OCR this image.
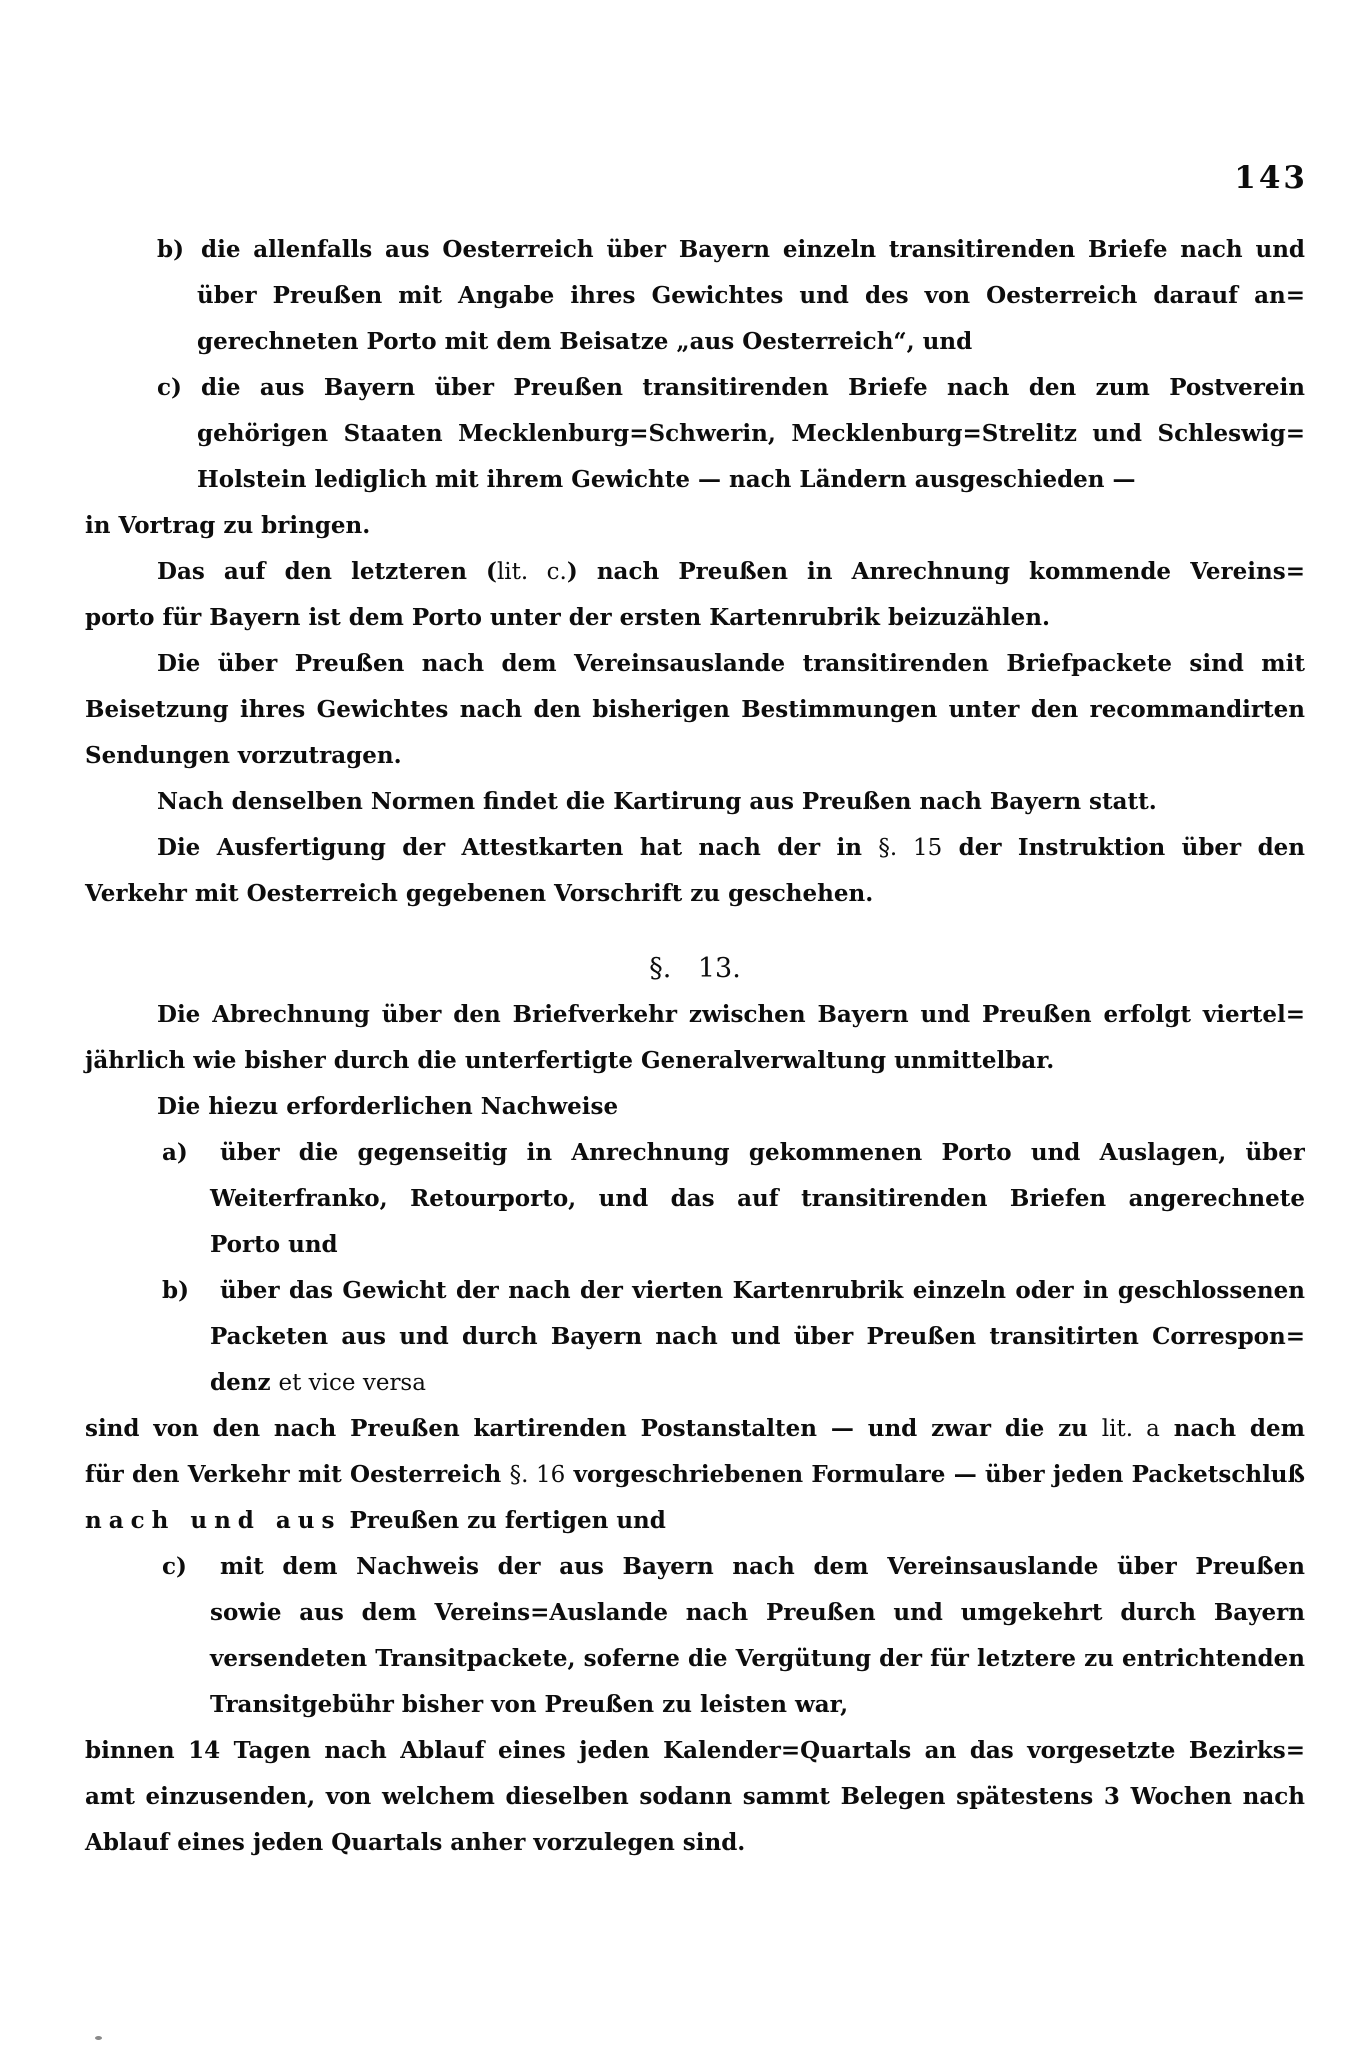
143
b) die allenfalls aus Oesterreich über Bayern einzeln transitirenden Briefe nach und
über Preußen mit Angabe ihres Gewichtes und des von Oesterreich darauf an=
gerechneten Porto mit dem Beisatze „aus Oesterreich“, und
c) die aus Bayern über Preußen transitirenden Briefe nach den zum Postverein
gehörigen Staaten Mecklenburg=Schwerin, Mecklenburg=Strelitz und Schleswig=
Holstein lediglich mit ihrem Gewichte — nach Ländern ausgeschieden —
in Vortrag zu bringen.
Das auf den letzteren (lit. c.) nach Preußen in Anrechnung kommende Vereins=
porto für Bayern ist dem Porto unter der ersten Kartenrubrik beizuzählen.
Die über Preußen nach dem Vereinsauslande transitirenden Briefpackete sind mit
Beisetzung ihres Gewichtes nach den bisherigen Bestimmungen unter den recommandirten
Sendungen vorzutragen.
Nach denselben Normen findet die Kartirung aus Preußen nach Bayern statt.
Die Ausfertigung der Attestkarten hat nach der in §. 15 der Instruktion über den
Verkehr mit Oesterreich gegebenen Vorschrift zu geschehen.
§. 13.
Die Abrechnung über den Briefverkehr zwischen Bayern und Preußen erfolgt viertel=
jährlich wie bisher durch die unterfertigte Generalverwaltung unmittelbar.
Die hiezu erforderlichen Nachweise
a) über die gegenseitig in Anrechnung gekommenen Porto und Auslagen, über
Weiterfranko, Retourporto, und das auf transitirenden Briefen angerechnete
Porto und
b) über das Gewicht der nach der vierten Kartenrubrik einzeln oder in geschlossenen
Packeten aus und durch Bayern nach und über Preußen transitirten Correspon=
denz et vice versa
sind von den nach Preußen kartirenden Postanstalten — und zwar die zu lit. a nach dem
für den Verkehr mit Oesterreich §. 16 vorgeschriebenen Formulare — über jeden Packetschluß
nach und aus Preußen zu fertigen und
c) mit dem Nachweis der aus Bayern nach dem Vereinsauslande über Preußen
sowie aus dem Vereins=Auslande nach Preußen und umgekehrt durch Bayern
versendeten Transitpackete, soferne die Vergütung der für letztere zu entrichtenden
Transitgebühr bisher von Preußen zu leisten war,
binnen 14 Tagen nach Ablauf eines jeden Kalender=Quartals an das vorgesetzte Bezirks=
amt einzusenden, von welchem dieselben sodann sammt Belegen spätestens 3 Wochen nach
Ablauf eines jeden Quartals anher vorzulegen sind.
